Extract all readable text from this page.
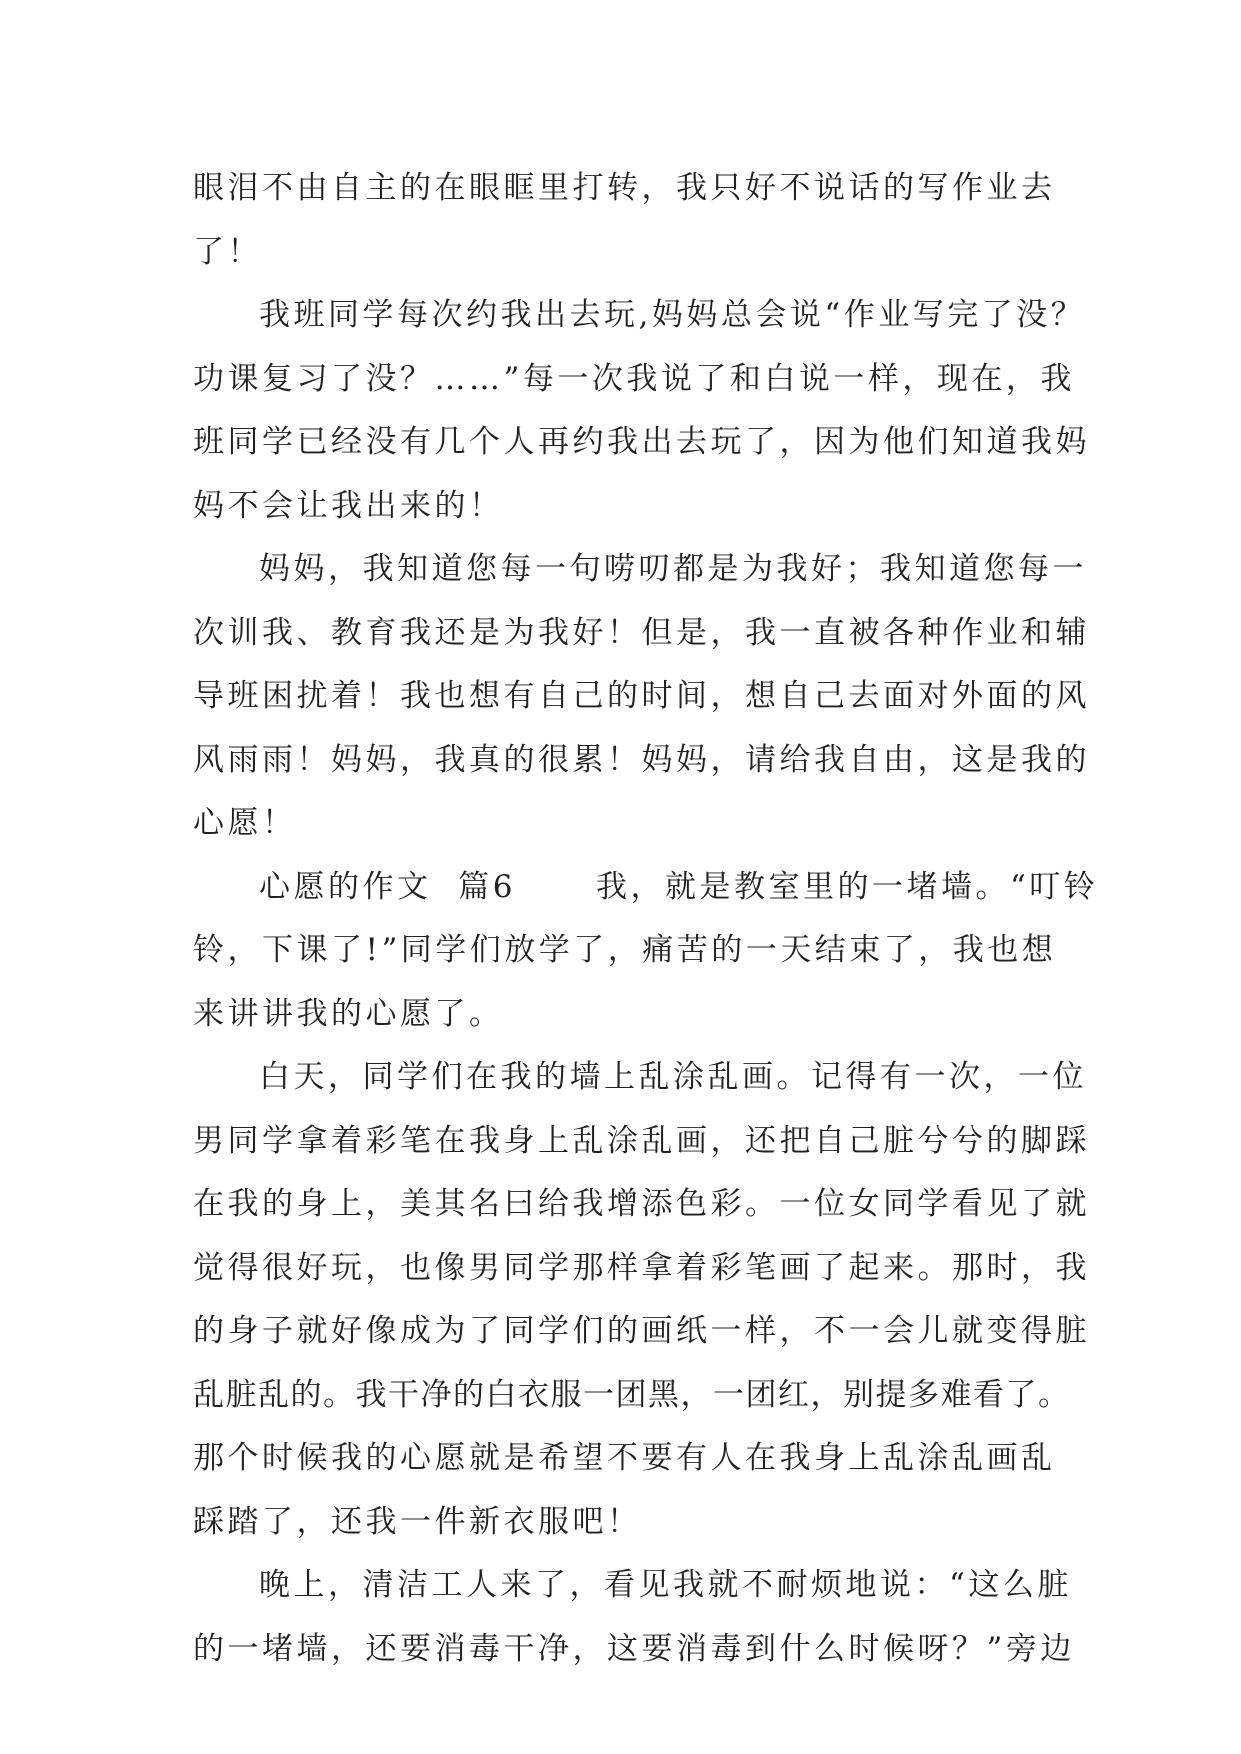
眼泪不由自主的在眼眶里打转，我只好不说话的写作业去
了！

我班同学每次约我出去玩,妈妈总会说“作业写完了没？
功课复习了没？……”每一次我说了和白说一样，现在，我
班同学已经没有几个人再约我出去玩了，因为他们知道我妈
妈不会让我出来的！

妈妈，我知道您每一句唠叨都是为我好；我知道您每一
次训我、教育我还是为我好！但是，我一直被各种作业和辅
导班困扰着！我也想有自己的时间，想自己去面对外面的风
风雨雨！妈妈，我真的很累！妈妈，请给我自由，这是我的
心愿！

心愿的作文  篇6      我，就是教室里的一堵墙。“叮铃
铃，下课了!”同学们放学了，痛苦的一天结束了，我也想
来讲讲我的心愿了。

白天，同学们在我的墙上乱涂乱画。记得有一次，一位
男同学拿着彩笔在我身上乱涂乱画，还把自己脏兮兮的脚踩
在我的身上，美其名曰给我增添色彩。一位女同学看见了就
觉得很好玩，也像男同学那样拿着彩笔画了起来。那时，我
的身子就好像成为了同学们的画纸一样，不一会儿就变得脏
乱脏乱的。我干净的白衣服一团黑，一团红，别提多难看了。
那个时候我的心愿就是希望不要有人在我身上乱涂乱画乱
踩踏了，还我一件新衣服吧！

晚上，清洁工人来了，看见我就不耐烦地说：“这么脏
的一堵墙，还要消毒干净，这要消毒到什么时候呀？”旁边
